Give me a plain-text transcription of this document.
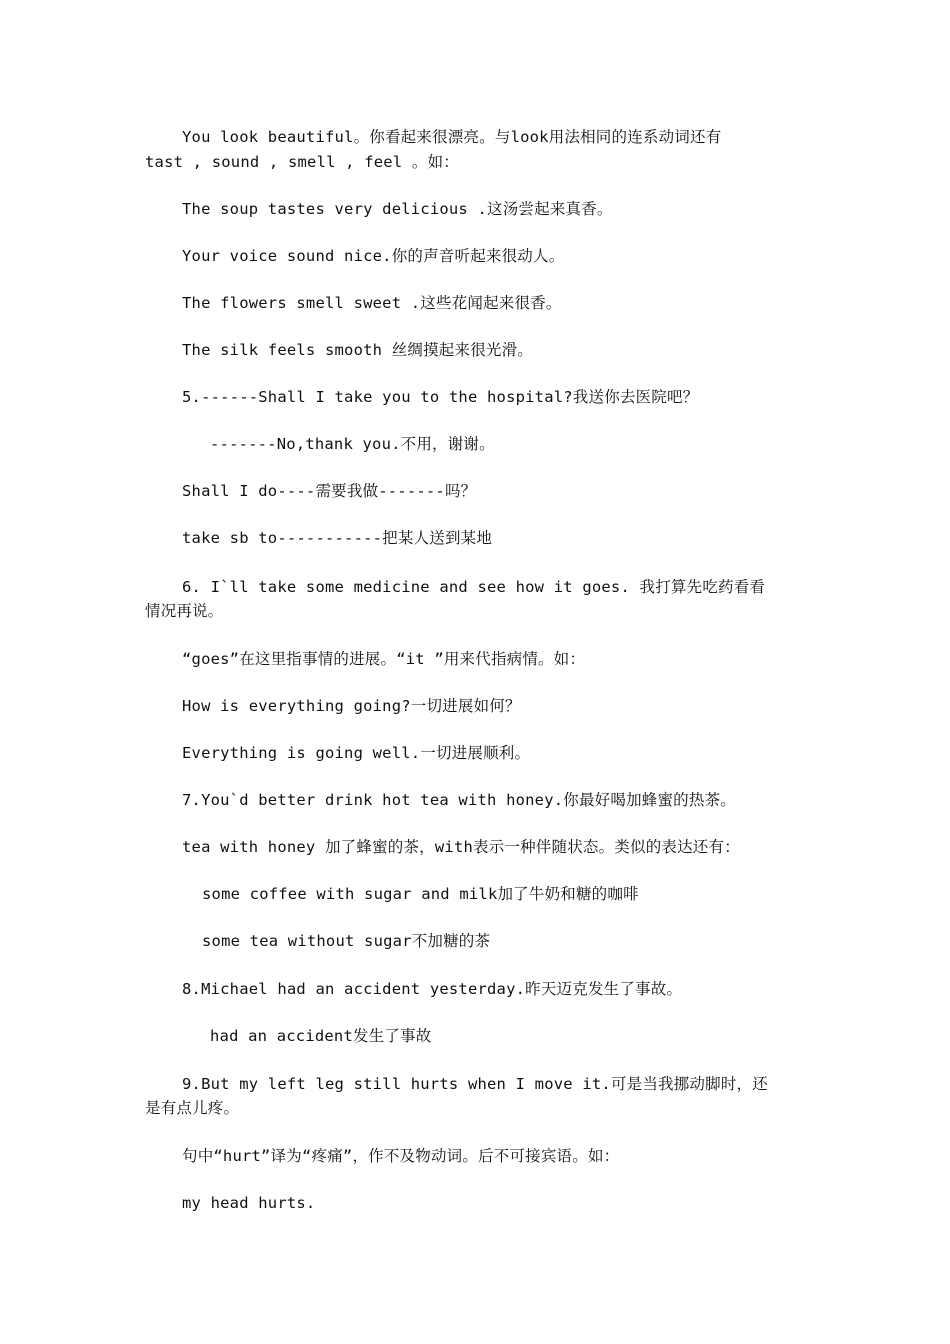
You look beautiful。你看起来很漂亮。与look用法相同的连系动词还有
tast , sound , smell , feel 。如：
The soup tastes very delicious .这汤尝起来真香。
Your voice sound nice.你的声音听起来很动人。
The flowers smell sweet .这些花闻起来很香。
The silk feels smooth 丝绸摸起来很光滑。
5.------Shall I take you to the hospital?我送你去医院吧？
-------No,thank you.不用，谢谢。
Shall I do----需要我做-------吗？
take sb to-----------把某人送到某地
6. I`ll take some medicine and see how it goes. 我打算先吃药看看
情况再说。
“goes”在这里指事情的进展。“it ”用来代指病情。如：
How is everything going?一切进展如何？
Everything is going well.一切进展顺利。
7.You`d better drink hot tea with honey.你最好喝加蜂蜜的热茶。
tea with honey 加了蜂蜜的茶，with表示一种伴随状态。类似的表达还有：
some coffee with sugar and milk加了牛奶和糖的咖啡
some tea without sugar不加糖的茶
8.Michael had an accident yesterday.昨天迈克发生了事故。
had an accident发生了事故
9.But my left leg still hurts when I move it.可是当我挪动脚时，还
是有点儿疼。
句中“hurt”译为“疼痛”，作不及物动词。后不可接宾语。如：
my head hurts.
